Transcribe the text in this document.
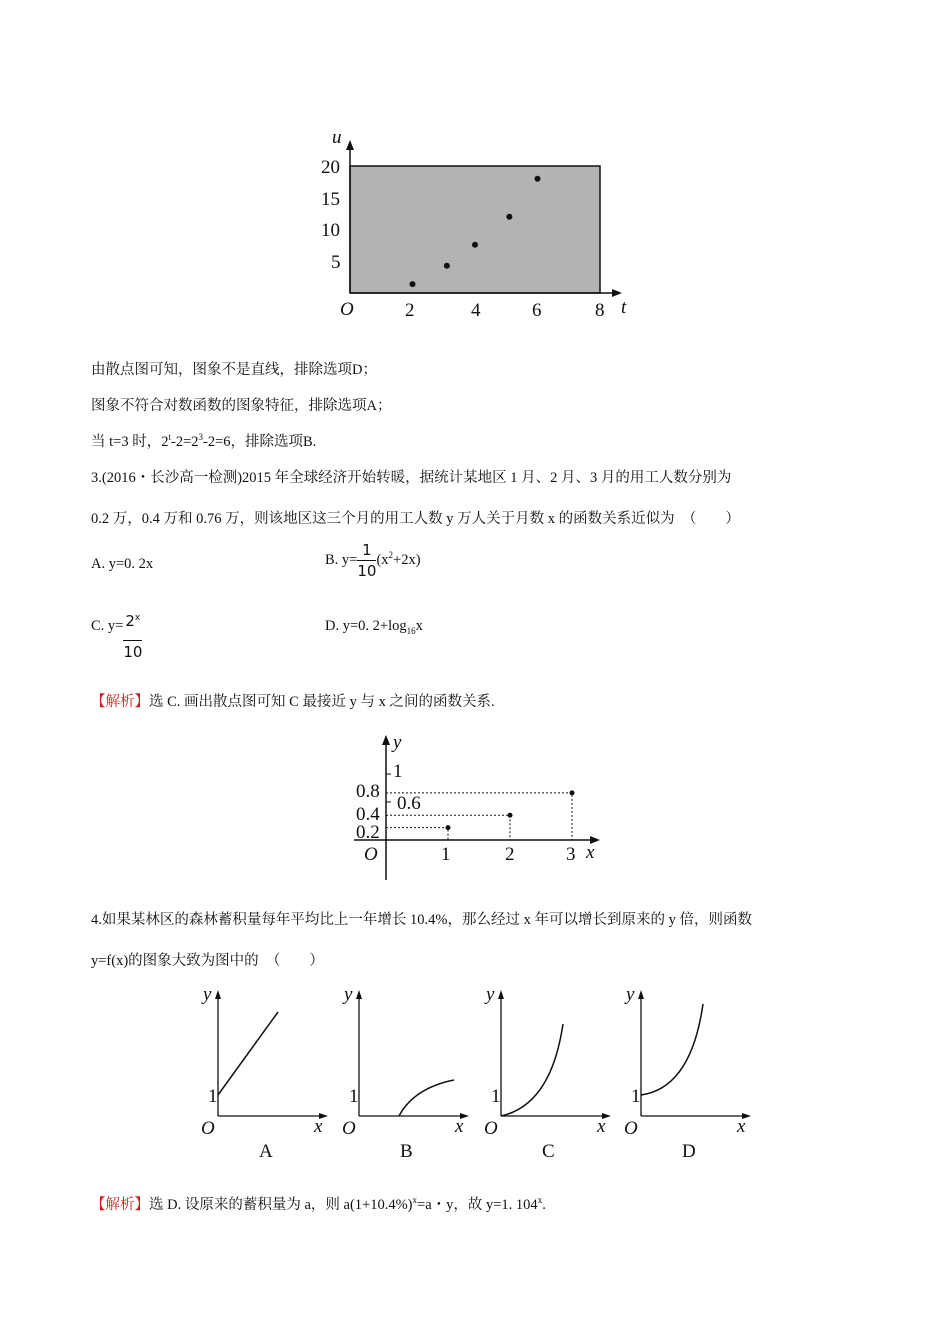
u
t
O
20
15
10
5
2	4	6	8
y
x
O
1
0.8
0.6
0.4
0.2
1	2	3
y
x
O
1
A
y
x
O
1
B
y
x
O
1
C
y
x
O
1
D
由散点图可知，图象不是直线，排除选项D；
图象不符合对数函数的图象特征，排除选项A；
当 t=3 时，$2^t-2=2^3-2=6$，排除选项B.
3.(2016・长沙高一检测)2015 年全球经济开始转暖，据统计某地区 1 月、2 月、3 月的用工人数分别为
0.2 万，0.4 万和 0.76 万，则该地区这三个月的用工人数 y 万人关于月数 x 的函数关系近似为　（　　）
A. y=0. 2x	B. $y= \frac{1}{10} (x^2+2x)$
C. $y= \frac{2^x}{10}$	D. y=0. $2+\log_{16}x$
【解析】选 C. 画出散点图可知 C 最接近 y 与 x 之间的函数关系.
4.如果某林区的森林蓄积量每年平均比上一年增长 10.4%，那么经过 x 年可以增长到原来的 y 倍，则函数
y=f(x)的图象大致为图中的　（　　）
【解析】选 D. 设原来的蓄积量为 a，则 $a(1+10.4\%)^x=a$・y，故 y=1. 104$^x$.
